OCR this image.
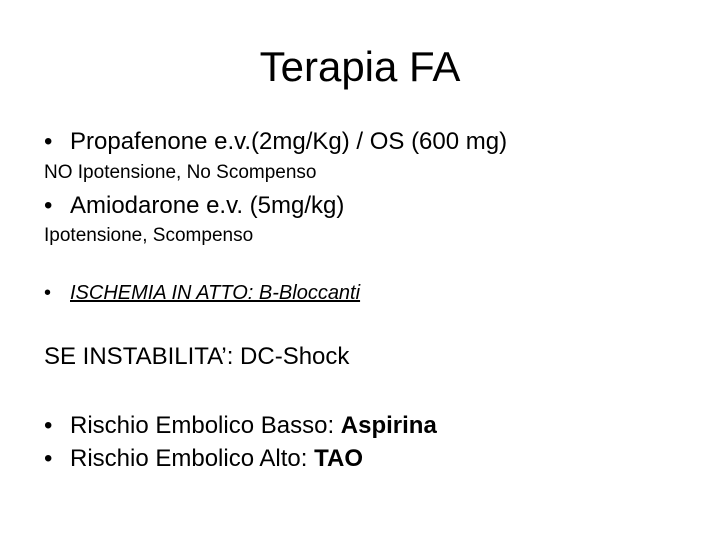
Terapia FA
• Propafenone e.v.(2mg/Kg) / OS (600 mg)
NO Ipotensione, No Scompenso
• Amiodarone e.v. (5mg/kg)
Ipotensione, Scompenso
• ISCHEMIA IN ATTO: B-Bloccanti
SE INSTABILITA’: DC-Shock
• Rischio Embolico Basso: Aspirina
• Rischio Embolico Alto: TAO
